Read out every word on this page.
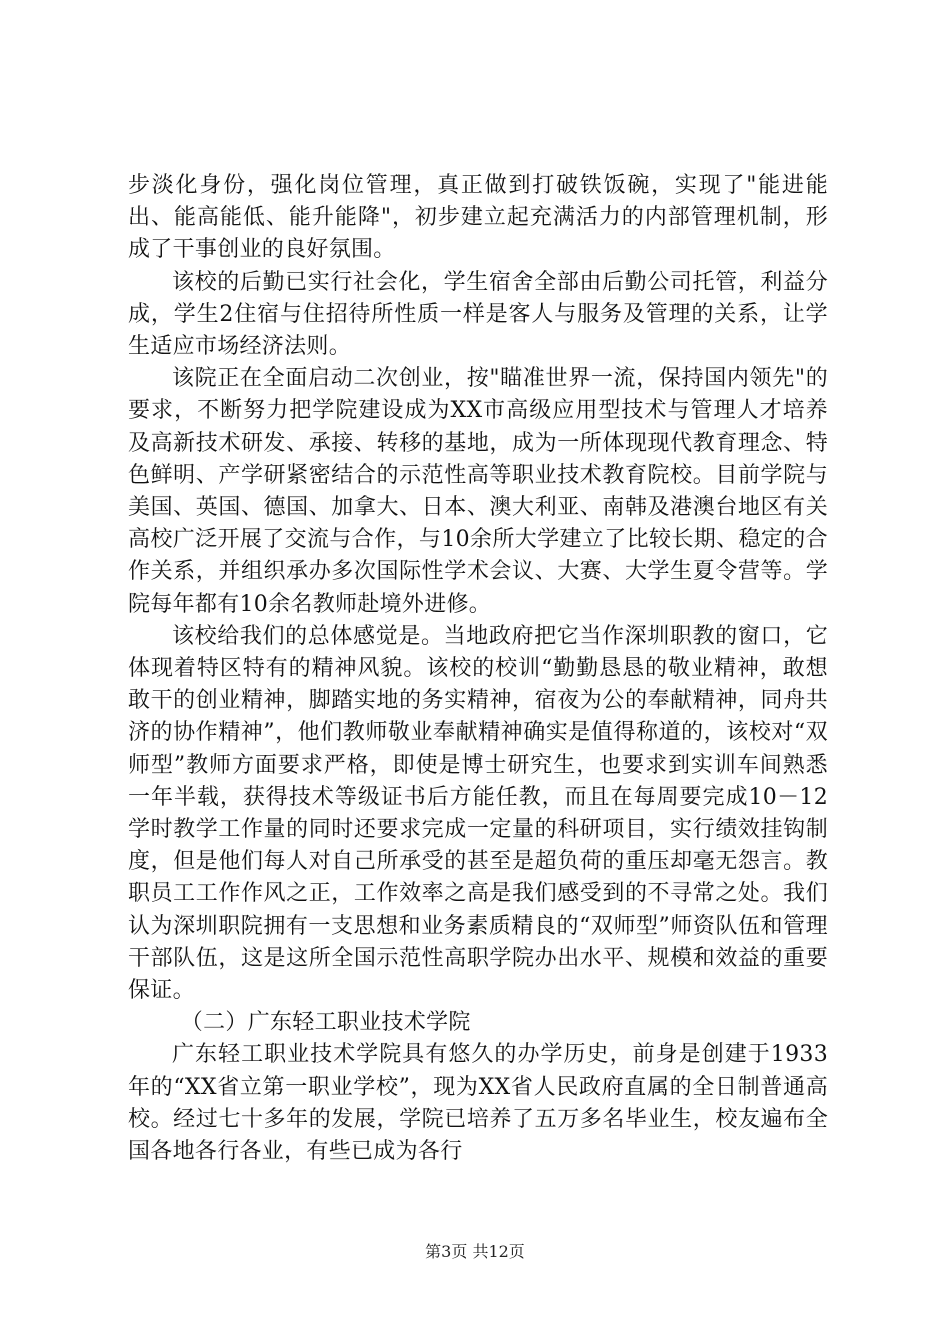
步淡化身份，强化岗位管理，真正做到打破铁饭碗，实现了"能进能出、能高能低、能升能降"，初步建立起充满活力的内部管理机制，形成了干事创业的良好氛围。

该校的后勤已实行社会化，学生宿舍全部由后勤公司托管，利益分成，学生2住宿与住招待所性质一样是客人与服务及管理的关系，让学生适应市场经济法则。

该院正在全面启动二次创业，按"瞄准世界一流，保持国内领先"的要求，不断努力把学院建设成为XX市高级应用型技术与管理人才培养及高新技术研发、承接、转移的基地，成为一所体现现代教育理念、特色鲜明、产学研紧密结合的示范性高等职业技术教育院校。目前学院与美国、英国、德国、加拿大、日本、澳大利亚、南韩及港澳台地区有关高校广泛开展了交流与合作，与10余所大学建立了比较长期、稳定的合作关系，并组织承办多次国际性学术会议、大赛、大学生夏令营等。学院每年都有10余名教师赴境外进修。

该校给我们的总体感觉是。当地政府把它当作深圳职教的窗口，它体现着特区特有的精神风貌。该校的校训“勤勤恳恳的敬业精神，敢想敢干的创业精神，脚踏实地的务实精神，宿夜为公的奉献精神，同舟共济的协作精神”，他们教师敬业奉献精神确实是值得称道的，该校对“双师型”教师方面要求严格，即使是博士研究生，也要求到实训车间熟悉一年半载，获得技术等级证书后方能任教，而且在每周要完成10－12学时教学工作量的同时还要求完成一定量的科研项目，实行绩效挂钩制度，但是他们每人对自己所承受的甚至是超负荷的重压却毫无怨言。教职员工工作作风之正，工作效率之高是我们感受到的不寻常之处。我们认为深圳职院拥有一支思想和业务素质精良的“双师型”师资队伍和管理干部队伍，这是这所全国示范性高职学院办出水平、规模和效益的重要保证。

（二）广东轻工职业技术学院

广东轻工职业技术学院具有悠久的办学历史，前身是创建于1933年的“XX省立第一职业学校”，现为XX省人民政府直属的全日制普通高校。经过七十多年的发展，学院已培养了五万多名毕业生，校友遍布全国各地各行各业，有些已成为各行

第3页 共12页
